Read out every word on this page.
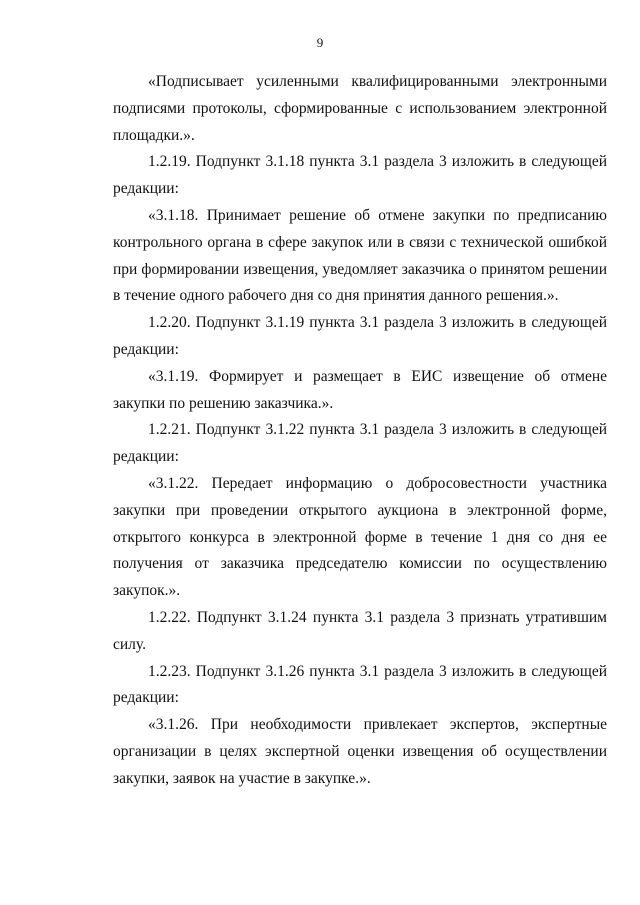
9

«Подписывает усиленными квалифицированными электронными подписями протоколы, сформированные с использованием электронной площадки.».

1.2.19. Подпункт 3.1.18 пункта 3.1 раздела 3 изложить в следующей редакции:

«3.1.18. Принимает решение об отмене закупки по предписанию контрольного органа в сфере закупок или в связи с технической ошибкой при формировании извещения, уведомляет заказчика о принятом решении в течение одного рабочего дня со дня принятия данного решения.».

1.2.20. Подпункт 3.1.19 пункта 3.1 раздела 3 изложить в следующей редакции:

«3.1.19. Формирует и размещает в ЕИС извещение об отмене закупки по решению заказчика.».

1.2.21. Подпункт 3.1.22 пункта 3.1 раздела 3 изложить в следующей редакции:

«3.1.22. Передает информацию о добросовестности участника закупки при проведении открытого аукциона в электронной форме, открытого конкурса в электронной форме в течение 1 дня со дня ее получения от заказчика председателю комиссии по осуществлению закупок.».

1.2.22. Подпункт 3.1.24 пункта 3.1 раздела 3 признать утратившим силу.

1.2.23. Подпункт 3.1.26 пункта 3.1 раздела 3 изложить в следующей редакции:

«3.1.26. При необходимости привлекает экспертов, экспертные организации в целях экспертной оценки извещения об осуществлении закупки, заявок на участие в закупке.».
